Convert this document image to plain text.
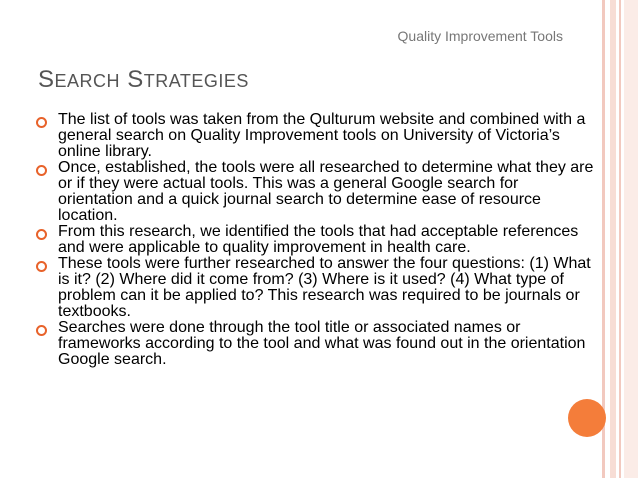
Quality Improvement Tools
SEARCH STRATEGIES
The list of tools was taken from the Qulturum website and combined with a general search on Quality Improvement tools on University of Victoria’s online library.
Once, established, the tools were all researched to determine what they are or if they were actual tools. This was a general Google search for orientation and a quick journal search to determine ease of resource location.
From this research, we identified the tools that had acceptable references and were applicable to quality improvement in health care.
These tools were further researched to answer the four questions: (1) What is it? (2) Where did it come from? (3) Where is it used? (4) What type of problem can it be applied to? This research was required to be journals or textbooks.
Searches were done through the tool title or associated names or frameworks according to the tool and what was found out in the orientation Google search.
